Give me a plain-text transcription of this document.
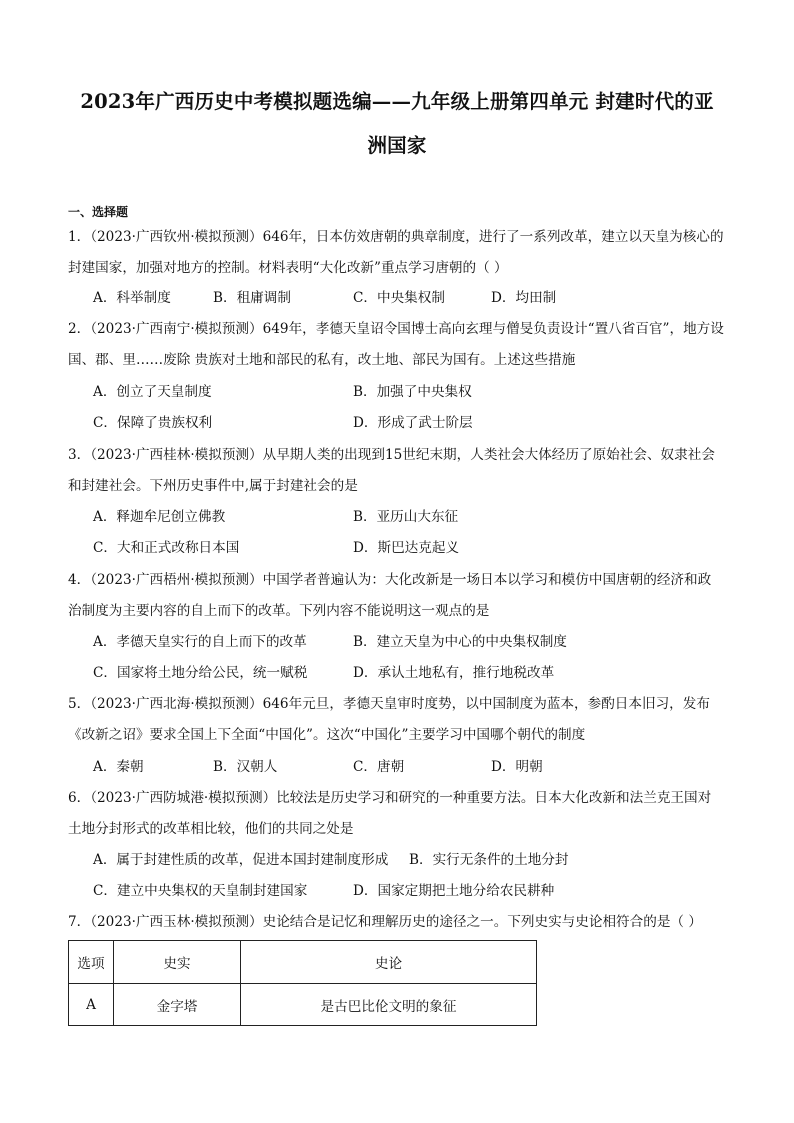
2023年广西历史中考模拟题选编——九年级上册第四单元 封建时代的亚
洲国家
一、选择题
1．（2023·广西钦州·模拟预测）646年，日本仿效唐朝的典章制度，进行了一系列改革，建立以天皇为核心的封建国家，加强对地方的控制。材料表明“大化改新”重点学习唐朝的（ ）
A．科举制度	B．租庸调制	C．中央集权制	D．均田制
2．（2023·广西南宁·模拟预测）649年，孝德天皇诏令国博士高向玄理与僧旻负责设计“置八省百官”，地方设国、郡、里……废除 贵族对土地和部民的私有，改土地、部民为国有。上述这些措施
A．创立了天皇制度	B．加强了中央集权
C．保障了贵族权利	D．形成了武士阶层
3．（2023·广西桂林·模拟预测）从早期人类的出现到15世纪末期，人类社会大体经历了原始社会、奴隶社会和封建社会。下州历史事件中,属于封建社会的是
A．释迦牟尼创立佛教	B．亚历山大东征
C．大和正式改称日本国	D．斯巴达克起义
4．（2023·广西梧州·模拟预测）中国学者普遍认为：大化改新是一场日本以学习和模仿中国唐朝的经济和政治制度为主要内容的自上而下的改革。下列内容不能说明这一观点的是
A．孝德天皇实行的自上而下的改革	B．建立天皇为中心的中央集权制度
C．国家将土地分给公民，统一赋税	D．承认土地私有，推行地税改革
5．（2023·广西北海·模拟预测）646年元旦，孝德天皇审时度势，以中国制度为蓝本，参酌日本旧习，发布《改新之诏》要求全国上下全面“中国化”。这次“中国化”主要学习中国哪个朝代的制度
A．秦朝	B．汉朝人	C．唐朝	D．明朝
6．（2023·广西防城港·模拟预测）比较法是历史学习和研究的一种重要方法。日本大化改新和法兰克王国对土地分封形式的改革相比较，他们的共同之处是
A．属于封建性质的改革，促进本国封建制度形成 B．实行无条件的土地分封
C．建立中央集权的天皇制封建国家	D．国家定期把土地分给农民耕种
7．（2023·广西玉林·模拟预测）史论结合是记忆和理解历史的途径之一。下列史实与史论相符合的是（ ）
选项	史实	史论
A	金字塔	是古巴比伦文明的象征
